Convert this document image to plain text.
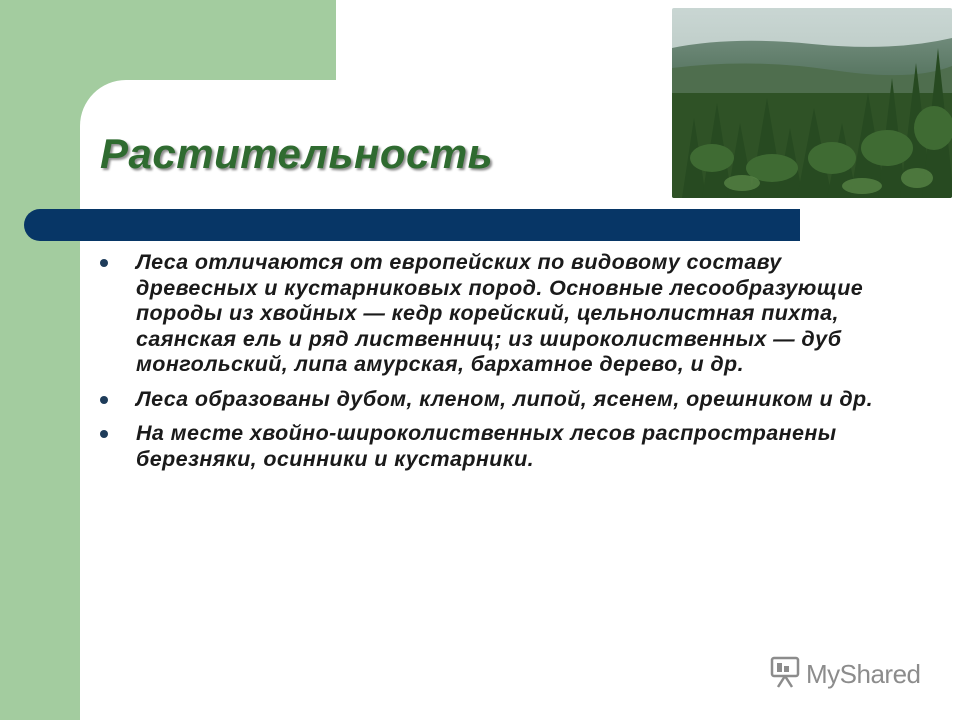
Растительность
Леса отличаются от европейских по видовому составу древесных и кустарниковых пород. Основные лесообразующие породы из хвойных — кедр корейский, цельнолистная пихта, саянская ель и ряд лиственниц; из широколиственных — дуб монгольский, липа амурская, бархатное дерево, и др.
Леса образованы дубом, кленом, липой, ясенем, орешником и др.
На месте хвойно-широколиственных лесов распространены березняки, осинники и кустарники.
MyShared
